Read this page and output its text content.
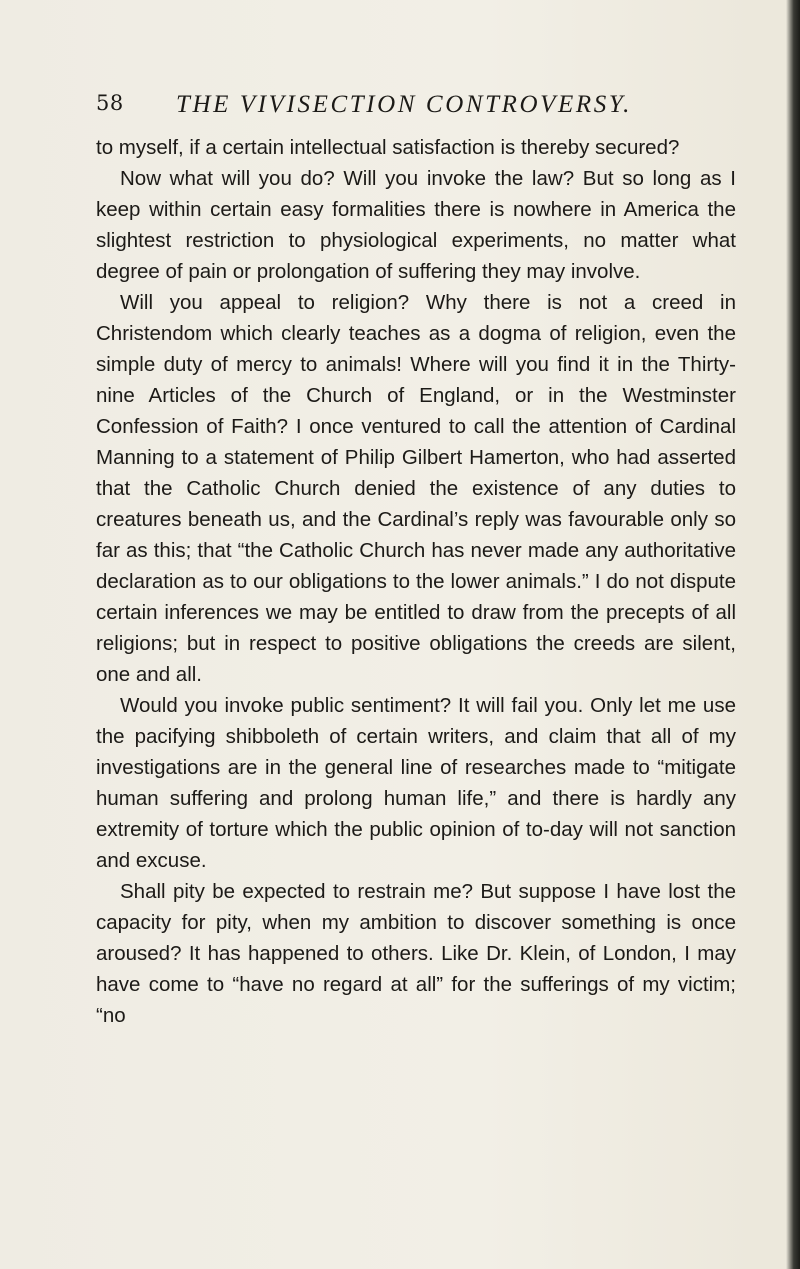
58 THE VIVISECTION CONTROVERSY.

to myself, if a certain intellectual satisfaction is thereby secured?

Now what will you do? Will you invoke the law? But so long as I keep within certain easy formalities there is nowhere in America the slightest restriction to physiological experiments, no matter what degree of pain or prolongation of suffering they may involve.

Will you appeal to religion? Why there is not a creed in Christendom which clearly teaches as a dogma of religion, even the simple duty of mercy to animals! Where will you find it in the Thirty-nine Articles of the Church of England, or in the Westminster Confession of Faith? I once ventured to call the attention of Cardinal Manning to a statement of Philip Gilbert Hamerton, who had asserted that the Catholic Church denied the existence of any duties to creatures beneath us, and the Cardinal’s reply was favourable only so far as this; that “the Catholic Church has never made any authoritative declaration as to our obligations to the lower animals.” I do not dispute certain inferences we may be entitled to draw from the precepts of all religions; but in respect to positive obligations the creeds are silent, one and all.

Would you invoke public sentiment? It will fail you. Only let me use the pacifying shibboleth of certain writers, and claim that all of my investigations are in the general line of researches made to “mitigate human suffering and prolong human life,” and there is hardly any extremity of torture which the public opinion of to-day will not sanction and excuse.

Shall pity be expected to restrain me? But suppose I have lost the capacity for pity, when my ambition to discover something is once aroused? It has happened to others. Like Dr. Klein, of London, I may have come to “have no regard at all” for the sufferings of my victim; “no
